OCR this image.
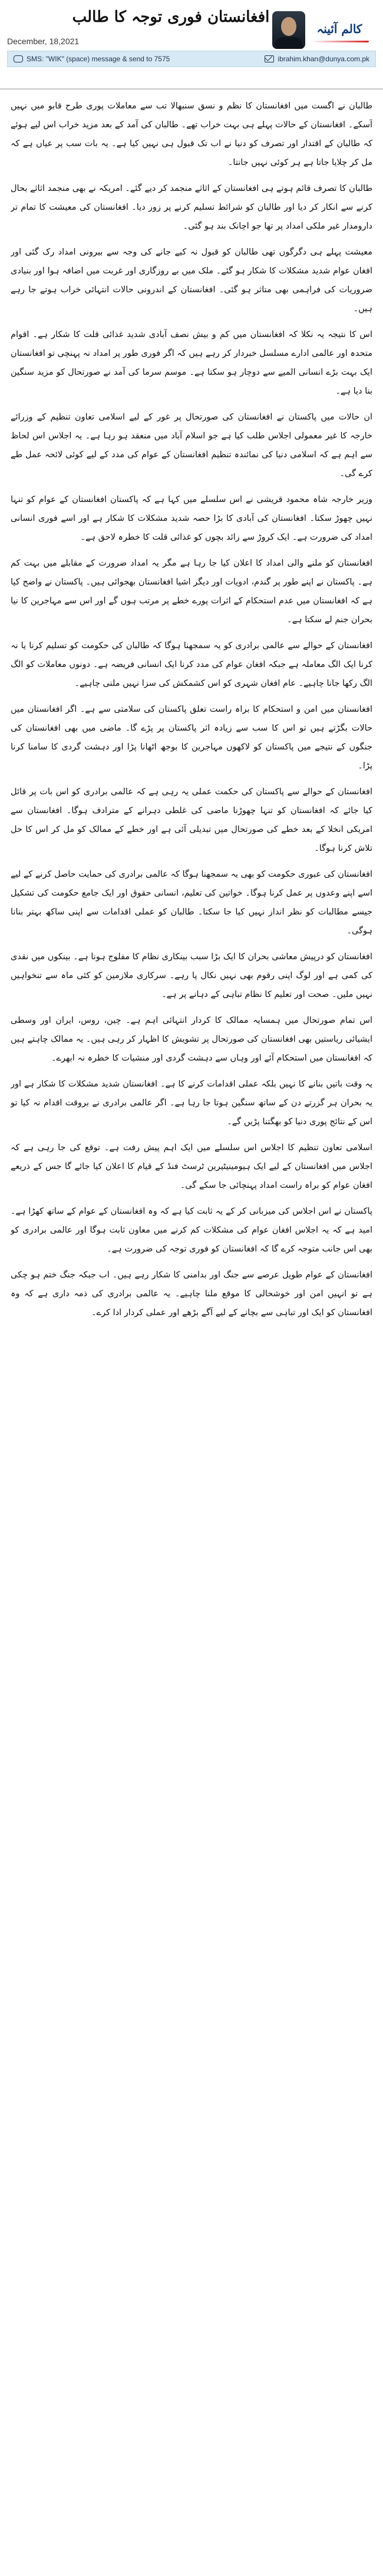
کالم آئینہ
افغانستان فوری توجہ کا طالب
December, 18,2021
SMS: "WIK" (space) message & send to 7575	ibrahim.khan@dunya.com.pk

طالبان نے اگست میں افغانستان کا نظم و نسق سنبھالا تب سے معاملات پوری طرح قابو میں نہیں آسکے۔ افغانستان کے حالات پہلے ہی بہت خراب تھے۔ طالبان کی آمد کے بعد مزید خراب اس لیے ہوئے کہ طالبان کے اقتدار اور تصرف کو دنیا نے اب تک قبول ہی نہیں کیا ہے۔ یہ بات سب پر عیاں ہے کہ مل کر چلایا جاتا ہے ہر کوئی نہیں جانتا۔

طالبان کا تصرف قائم ہوتے ہی افغانستان کے اثاثے منجمد کر دیے گئے۔ امریکہ نے بھی منجمد اثاثے بحال کرنے سے انکار کر دیا اور طالبان کو شرائط تسلیم کرنے پر زور دیا۔ افغانستان کی معیشت کا تمام تر دارومدار غیر ملکی امداد پر تھا جو اچانک بند ہو گئی۔

معیشت پہلے ہی دگرگوں تھی طالبان کو قبول نہ کیے جانے کی وجہ سے بیرونی امداد رک گئی اور افغان عوام شدید مشکلات کا شکار ہو گئے۔ ملک میں بے روزگاری اور غربت میں اضافہ ہوا اور بنیادی ضروریات کی فراہمی بھی متاثر ہو گئی۔ افغانستان کے اندرونی حالات انتہائی خراب ہوتے جا رہے ہیں۔

اس کا نتیجہ یہ نکلا کہ افغانستان میں کم و بیش نصف آبادی شدید غذائی قلت کا شکار ہے۔ اقوام متحدہ اور عالمی ادارے مسلسل خبردار کر رہے ہیں کہ اگر فوری طور پر امداد نہ پہنچی تو افغانستان ایک بہت بڑے انسانی المیے سے دوچار ہو سکتا ہے۔ موسم سرما کی آمد نے صورتحال کو مزید سنگین بنا دیا ہے۔

ان حالات میں پاکستان نے افغانستان کی صورتحال پر غور کے لیے اسلامی تعاون تنظیم کے وزرائے خارجہ کا غیر معمولی اجلاس طلب کیا ہے جو اسلام آباد میں منعقد ہو رہا ہے۔ یہ اجلاس اس لحاظ سے اہم ہے کہ اسلامی دنیا کی نمائندہ تنظیم افغانستان کے عوام کی مدد کے لیے کوئی لائحہ عمل طے کرے گی۔

وزیر خارجہ شاہ محمود قریشی نے اس سلسلے میں کہا ہے کہ پاکستان افغانستان کے عوام کو تنہا نہیں چھوڑ سکتا۔ افغانستان کی آبادی کا بڑا حصہ شدید مشکلات کا شکار ہے اور اسے فوری انسانی امداد کی ضرورت ہے۔ ایک کروڑ سے زائد بچوں کو غذائی قلت کا خطرہ لاحق ہے۔

افغانستان کو ملنے والی امداد کا اعلان کیا جا رہا ہے مگر یہ امداد ضرورت کے مقابلے میں بہت کم ہے۔ پاکستان نے اپنے طور پر گندم، ادویات اور دیگر اشیا افغانستان بھجوائی ہیں۔ پاکستان نے واضح کیا ہے کہ افغانستان میں عدم استحکام کے اثرات پورے خطے پر مرتب ہوں گے اور اس سے مہاجرین کا نیا بحران جنم لے سکتا ہے۔

افغانستان کے حوالے سے عالمی برادری کو یہ سمجھنا ہوگا کہ طالبان کی حکومت کو تسلیم کرنا یا نہ کرنا ایک الگ معاملہ ہے جبکہ افغان عوام کی مدد کرنا ایک انسانی فریضہ ہے۔ دونوں معاملات کو الگ الگ رکھا جانا چاہیے۔ عام افغان شہری کو اس کشمکش کی سزا نہیں ملنی چاہیے۔

افغانستان میں امن و استحکام کا براہ راست تعلق پاکستان کی سلامتی سے ہے۔ اگر افغانستان میں حالات بگڑتے ہیں تو اس کا سب سے زیادہ اثر پاکستان پر پڑے گا۔ ماضی میں بھی افغانستان کی جنگوں کے نتیجے میں پاکستان کو لاکھوں مہاجرین کا بوجھ اٹھانا پڑا اور دہشت گردی کا سامنا کرنا پڑا۔

افغانستان کے حوالے سے پاکستان کی حکمت عملی یہ رہی ہے کہ عالمی برادری کو اس بات پر قائل کیا جائے کہ افغانستان کو تنہا چھوڑنا ماضی کی غلطی دہرانے کے مترادف ہوگا۔ افغانستان سے امریکی انخلا کے بعد خطے کی صورتحال میں تبدیلی آئی ہے اور خطے کے ممالک کو مل کر اس کا حل تلاش کرنا ہوگا۔

افغانستان کی عبوری حکومت کو بھی یہ سمجھنا ہوگا کہ عالمی برادری کی حمایت حاصل کرنے کے لیے اسے اپنے وعدوں پر عمل کرنا ہوگا۔ خواتین کی تعلیم، انسانی حقوق اور ایک جامع حکومت کی تشکیل جیسے مطالبات کو نظر انداز نہیں کیا جا سکتا۔ طالبان کو عملی اقدامات سے اپنی ساکھ بہتر بنانا ہوگی۔

افغانستان کو درپیش معاشی بحران کا ایک بڑا سبب بینکاری نظام کا مفلوج ہونا ہے۔ بینکوں میں نقدی کی کمی ہے اور لوگ اپنی رقوم بھی نہیں نکال پا رہے۔ سرکاری ملازمین کو کئی ماہ سے تنخواہیں نہیں ملیں۔ صحت اور تعلیم کا نظام تباہی کے دہانے پر ہے۔

اس تمام صورتحال میں ہمسایہ ممالک کا کردار انتہائی اہم ہے۔ چین، روس، ایران اور وسطی ایشیائی ریاستیں بھی افغانستان کی صورتحال پر تشویش کا اظہار کر رہی ہیں۔ یہ ممالک چاہتے ہیں کہ افغانستان میں استحکام آئے اور وہاں سے دہشت گردی اور منشیات کا خطرہ نہ ابھرے۔

یہ وقت باتیں بنانے کا نہیں بلکہ عملی اقدامات کرنے کا ہے۔ افغانستان شدید مشکلات کا شکار ہے اور یہ بحران ہر گزرتے دن کے ساتھ سنگین ہوتا جا رہا ہے۔ اگر عالمی برادری نے بروقت اقدام نہ کیا تو اس کے نتائج پوری دنیا کو بھگتنا پڑیں گے۔

اسلامی تعاون تنظیم کا اجلاس اس سلسلے میں ایک اہم پیش رفت ہے۔ توقع کی جا رہی ہے کہ اجلاس میں افغانستان کے لیے ایک ہیومینیٹیرین ٹرسٹ فنڈ کے قیام کا اعلان کیا جائے گا جس کے ذریعے افغان عوام کو براہ راست امداد پہنچائی جا سکے گی۔

پاکستان نے اس اجلاس کی میزبانی کر کے یہ ثابت کیا ہے کہ وہ افغانستان کے عوام کے ساتھ کھڑا ہے۔ امید ہے کہ یہ اجلاس افغان عوام کی مشکلات کم کرنے میں معاون ثابت ہوگا اور عالمی برادری کو بھی اس جانب متوجہ کرے گا کہ افغانستان کو فوری توجہ کی ضرورت ہے۔

افغانستان کے عوام طویل عرصے سے جنگ اور بدامنی کا شکار رہے ہیں۔ اب جبکہ جنگ ختم ہو چکی ہے تو انہیں امن اور خوشحالی کا موقع ملنا چاہیے۔ یہ عالمی برادری کی ذمہ داری ہے کہ وہ افغانستان کو ایک اور تباہی سے بچانے کے لیے آگے بڑھے اور عملی کردار ادا کرے۔
